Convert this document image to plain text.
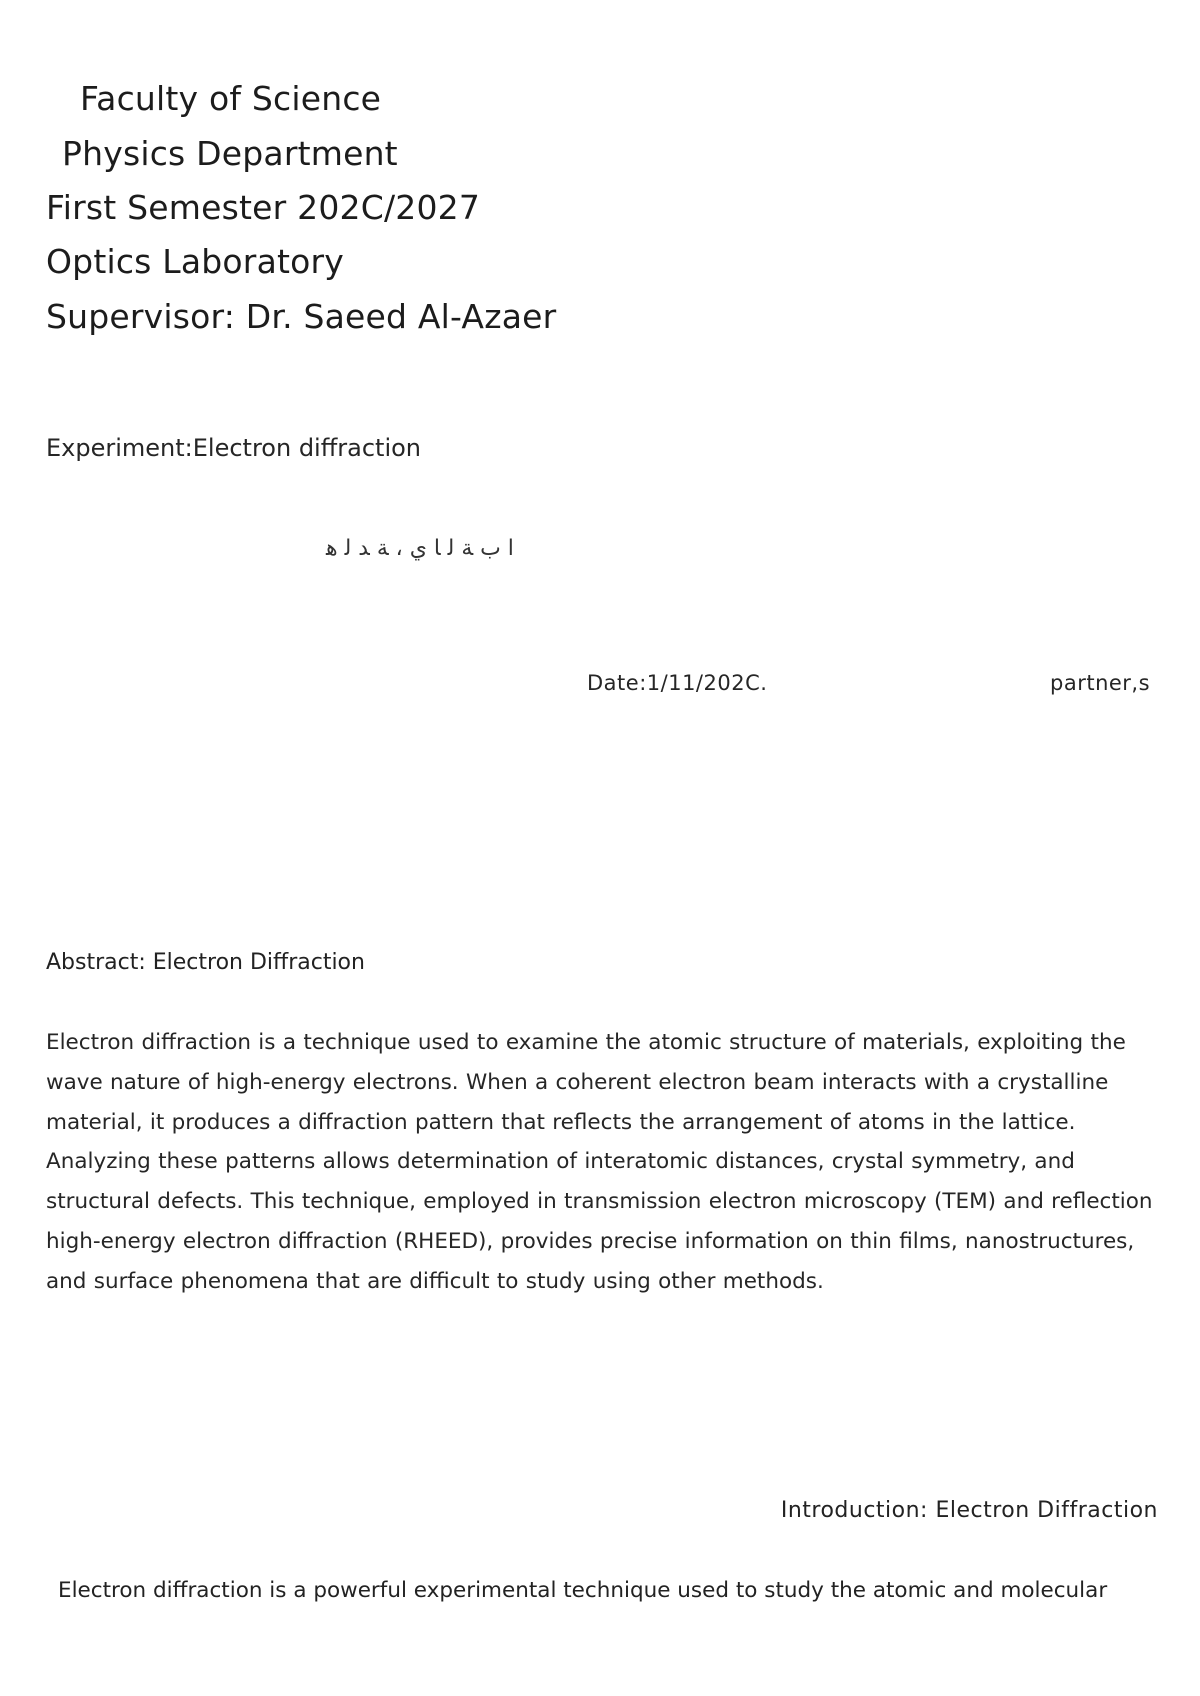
Faculty of Science
Physics Department
First Semester 202C/2027
Optics Laboratory
Supervisor: Dr. Saeed Al-Azaer
Experiment:Electron diffraction
ا ب ﺔ ﻟ ﺎ ي ، ﺔ ﺪ ﻟ ﻫ
Date:1/11/202C.	partner,s
Abstract: Electron Diffraction
Electron diffraction is a technique used to examine the atomic structure of materials, exploiting the wave nature of high-energy electrons. When a coherent electron beam interacts with a crystalline material, it produces a diffraction pattern that reflects the arrangement of atoms in the lattice. Analyzing these patterns allows determination of interatomic distances, crystal symmetry, and structural defects. This technique, employed in transmission electron microscopy (TEM) and reflection high-energy electron diffraction (RHEED), provides precise information on thin films, nanostructures, and surface phenomena that are difficult to study using other methods.
Introduction: Electron Diffraction
Electron diffraction is a powerful experimental technique used to study the atomic and molecular
